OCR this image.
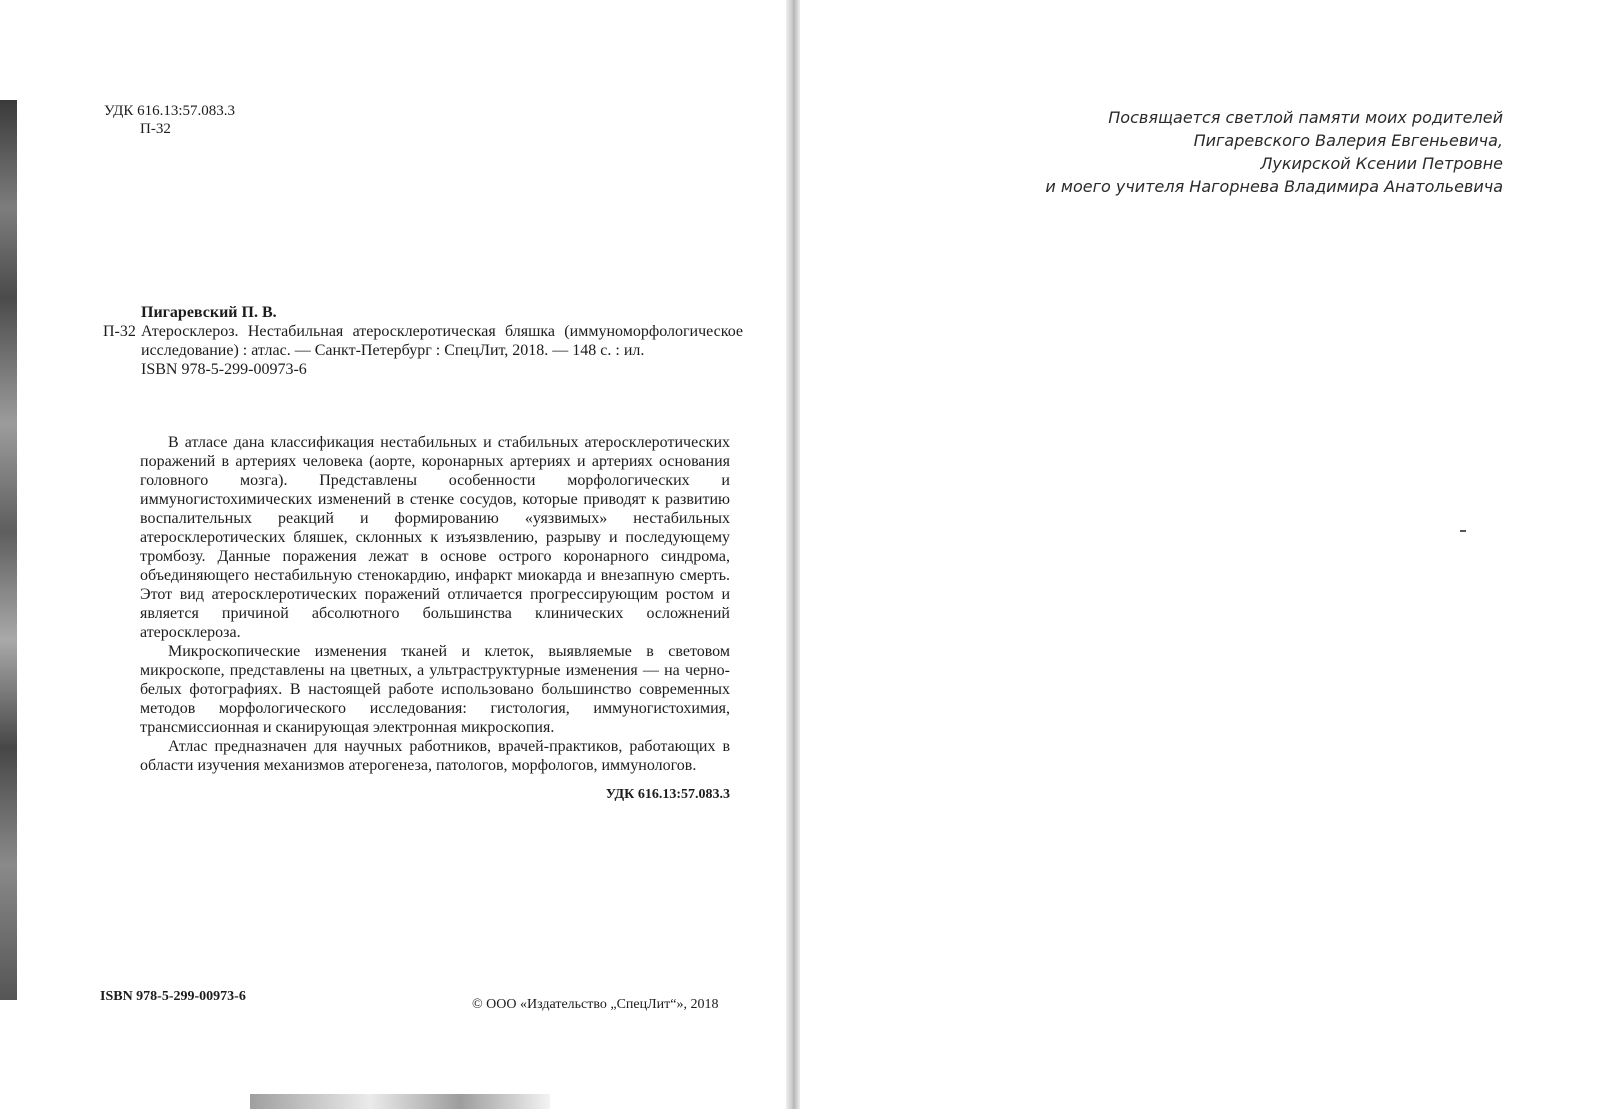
УДК 616.13:57.083.3
П-32
Пигаревский П. В.
П-32 Атеросклероз. Нестабильная атеросклеротическая бляшка (иммуноморфологическое исследование) : атлас. — Санкт-Петербург : СпецЛит, 2018. — 148 с. : ил.
ISBN 978-5-299-00973-6

В атласе дана классификация нестабильных и стабильных атеросклеротических поражений в артериях человека (аорте, коронарных артериях и артериях основания головного мозга). Представлены особенности морфологических и иммуногистохимических изменений в стенке сосудов, которые приводят к развитию воспалительных реакций и формированию «уязвимых» нестабильных атеросклеротических бляшек, склонных к изъязвлению, разрыву и последующему тромбозу. Данные поражения лежат в основе острого коронарного синдрома, объединяющего нестабильную стенокардию, инфаркт миокарда и внезапную смерть. Этот вид атеросклеротических поражений отличается прогрессирующим ростом и является причиной абсолютного большинства клинических осложнений атеросклероза.

Микроскопические изменения тканей и клеток, выявляемые в световом микроскопе, представлены на цветных, а ультраструктурные изменения — на черно-белых фотографиях. В настоящей работе использовано большинство современных методов морфологического исследования: гистология, иммуногистохимия, трансмиссионная и сканирующая электронная микроскопия.

Атлас предназначен для научных работников, врачей-практиков, работающих в области изучения механизмов атерогенеза, патологов, морфологов, иммунологов.

УДК 616.13:57.083.3
ISBN 978-5-299-00973-6
© ООО «Издательство „СпецЛит“», 2018
Посвящается светлой памяти моих родителей
Пигаревского Валерия Евгеньевича,
Лукирской Ксении Петровне
и моего учителя Нагорнева Владимира Анатольевича
